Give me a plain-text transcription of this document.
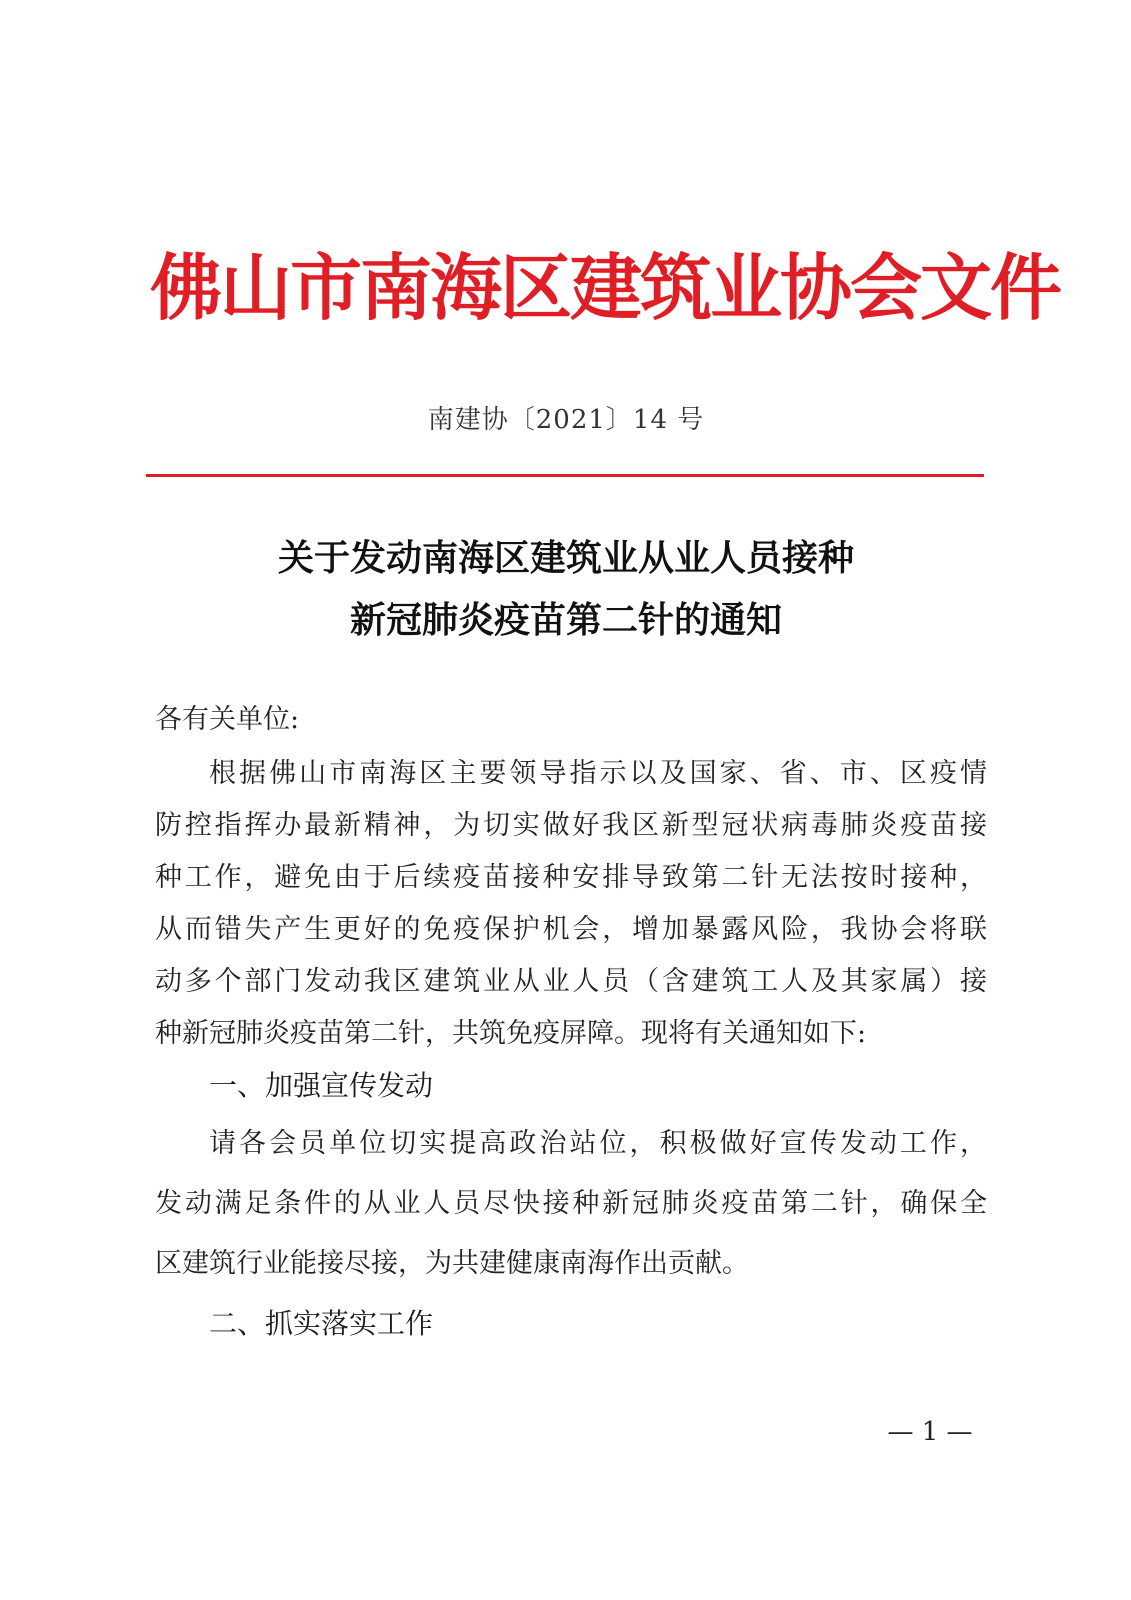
佛山市南海区建筑业协会文件
南建协〔2021〕14 号
关于发动南海区建筑业从业人员接种
新冠肺炎疫苗第二针的通知
各有关单位:
根据佛山市南海区主要领导指示以及国家、省、市、区疫情
防控指挥办最新精神，为切实做好我区新型冠状病毒肺炎疫苗接
种工作，避免由于后续疫苗接种安排导致第二针无法按时接种，
从而错失产生更好的免疫保护机会，增加暴露风险，我协会将联
动多个部门发动我区建筑业从业人员（含建筑工人及其家属）接
种新冠肺炎疫苗第二针，共筑免疫屏障。现将有关通知如下:
一、加强宣传发动
请各会员单位切实提高政治站位，积极做好宣传发动工作，
发动满足条件的从业人员尽快接种新冠肺炎疫苗第二针，确保全
区建筑行业能接尽接，为共建健康南海作出贡献。
二、抓实落实工作
— 1 —
